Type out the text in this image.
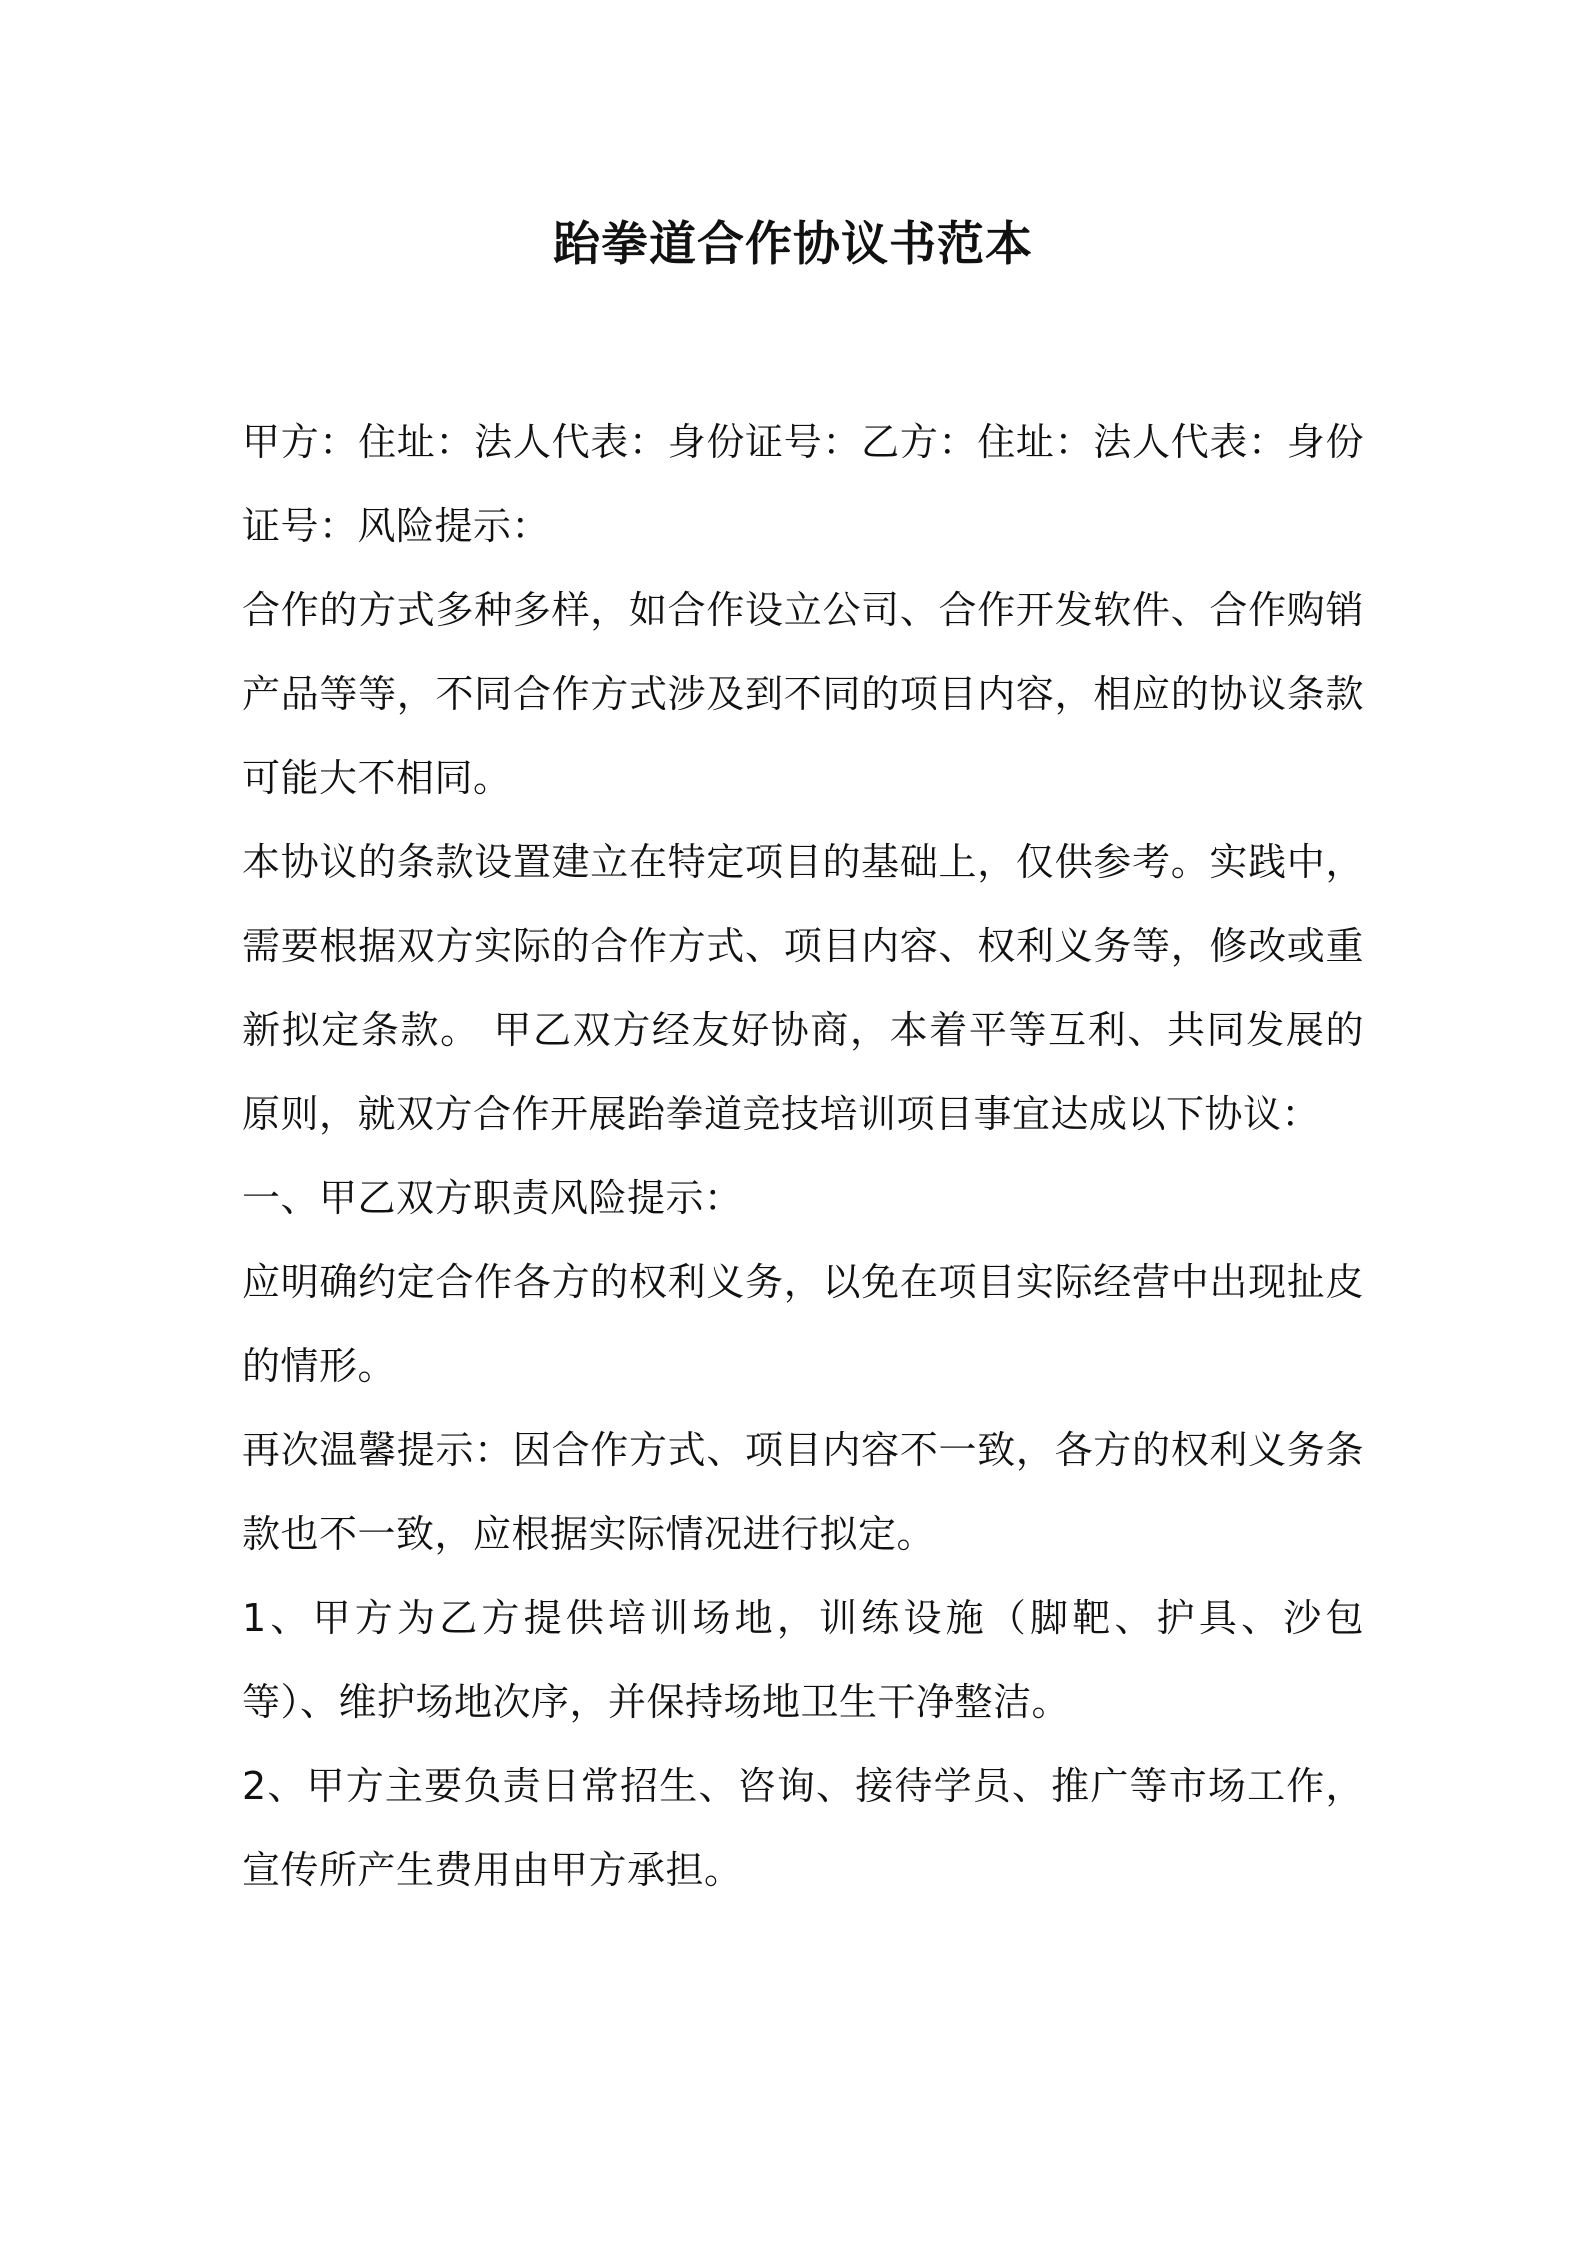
跆拳道合作协议书范本

甲方：住址：法人代表：身份证号：乙方：住址：法人代表：身份证号：风险提示：

合作的方式多种多样，如合作设立公司、合作开发软件、合作购销产品等等，不同合作方式涉及到不同的项目内容，相应的协议条款可能大不相同。

本协议的条款设置建立在特定项目的基础上，仅供参考。实践中，需要根据双方实际的合作方式、项目内容、权利义务等，修改或重新拟定条款。 甲乙双方经友好协商，本着平等互利、共同发展的原则，就双方合作开展跆拳道竞技培训项目事宜达成以下协议：

一、甲乙双方职责风险提示：

应明确约定合作各方的权利义务，以免在项目实际经营中出现扯皮的情形。

再次温馨提示：因合作方式、项目内容不一致，各方的权利义务条款也不一致，应根据实际情况进行拟定。

1、甲方为乙方提供培训场地，训练设施（脚靶、护具、沙包等）、维护场地次序，并保持场地卫生干净整洁。

2、甲方主要负责日常招生、咨询、接待学员、推广等市场工作，宣传所产生费用由甲方承担。
